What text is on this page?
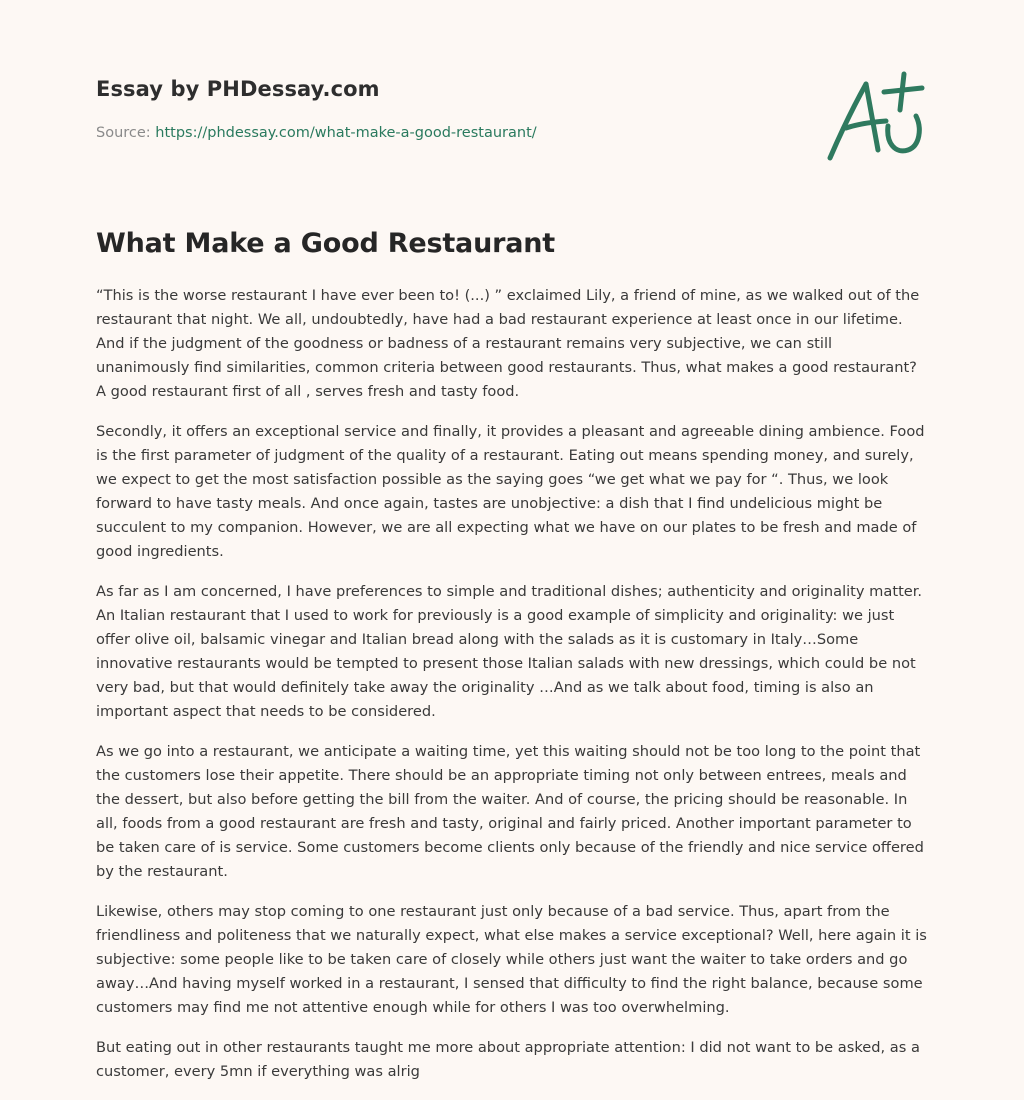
Essay by PHDessay.com
Source: https://phdessay.com/what-make-a-good-restaurant/
What Make a Good Restaurant

“This is the worse restaurant I have ever been to! (...) ” exclaimed Lily, a friend of mine, as we walked out of the restaurant that night. We all, undoubtedly, have had a bad restaurant experience at least once in our lifetime. And if the judgment of the goodness or badness of a restaurant remains very subjective, we can still unanimously find similarities, common criteria between good restaurants. Thus, what makes a good restaurant? A good restaurant first of all , serves fresh and tasty food.

Secondly, it offers an exceptional service and finally, it provides a pleasant and agreeable dining ambience. Food is the first parameter of judgment of the quality of a restaurant. Eating out means spending money, and surely, we expect to get the most satisfaction possible as the saying goes “we get what we pay for “. Thus, we look forward to have tasty meals. And once again, tastes are unobjective: a dish that I find undelicious might be succulent to my companion. However, we are all expecting what we have on our plates to be fresh and made of good ingredients.

As far as I am concerned, I have preferences to simple and traditional dishes; authenticity and originality matter. An Italian restaurant that I used to work for previously is a good example of simplicity and originality: we just offer olive oil, balsamic vinegar and Italian bread along with the salads as it is customary in Italy…Some innovative restaurants would be tempted to present those Italian salads with new dressings, which could be not very bad, but that would definitely take away the originality …And as we talk about food, timing is also an important aspect that needs to be considered.

As we go into a restaurant, we anticipate a waiting time, yet this waiting should not be too long to the point that the customers lose their appetite. There should be an appropriate timing not only between entrees, meals and the dessert, but also before getting the bill from the waiter. And of course, the pricing should be reasonable. In all, foods from a good restaurant are fresh and tasty, original and fairly priced. Another important parameter to be taken care of is service. Some customers become clients only because of the friendly and nice service offered by the restaurant.

Likewise, others may stop coming to one restaurant just only because of a bad service. Thus, apart from the friendliness and politeness that we naturally expect, what else makes a service exceptional? Well, here again it is subjective: some people like to be taken care of closely while others just want the waiter to take orders and go away…And having myself worked in a restaurant, I sensed that difficulty to find the right balance, because some customers may find me not attentive enough while for others I was too overwhelming.

But eating out in other restaurants taught me more about appropriate attention: I did not want to be asked, as a customer, every 5mn if everything was alrig
